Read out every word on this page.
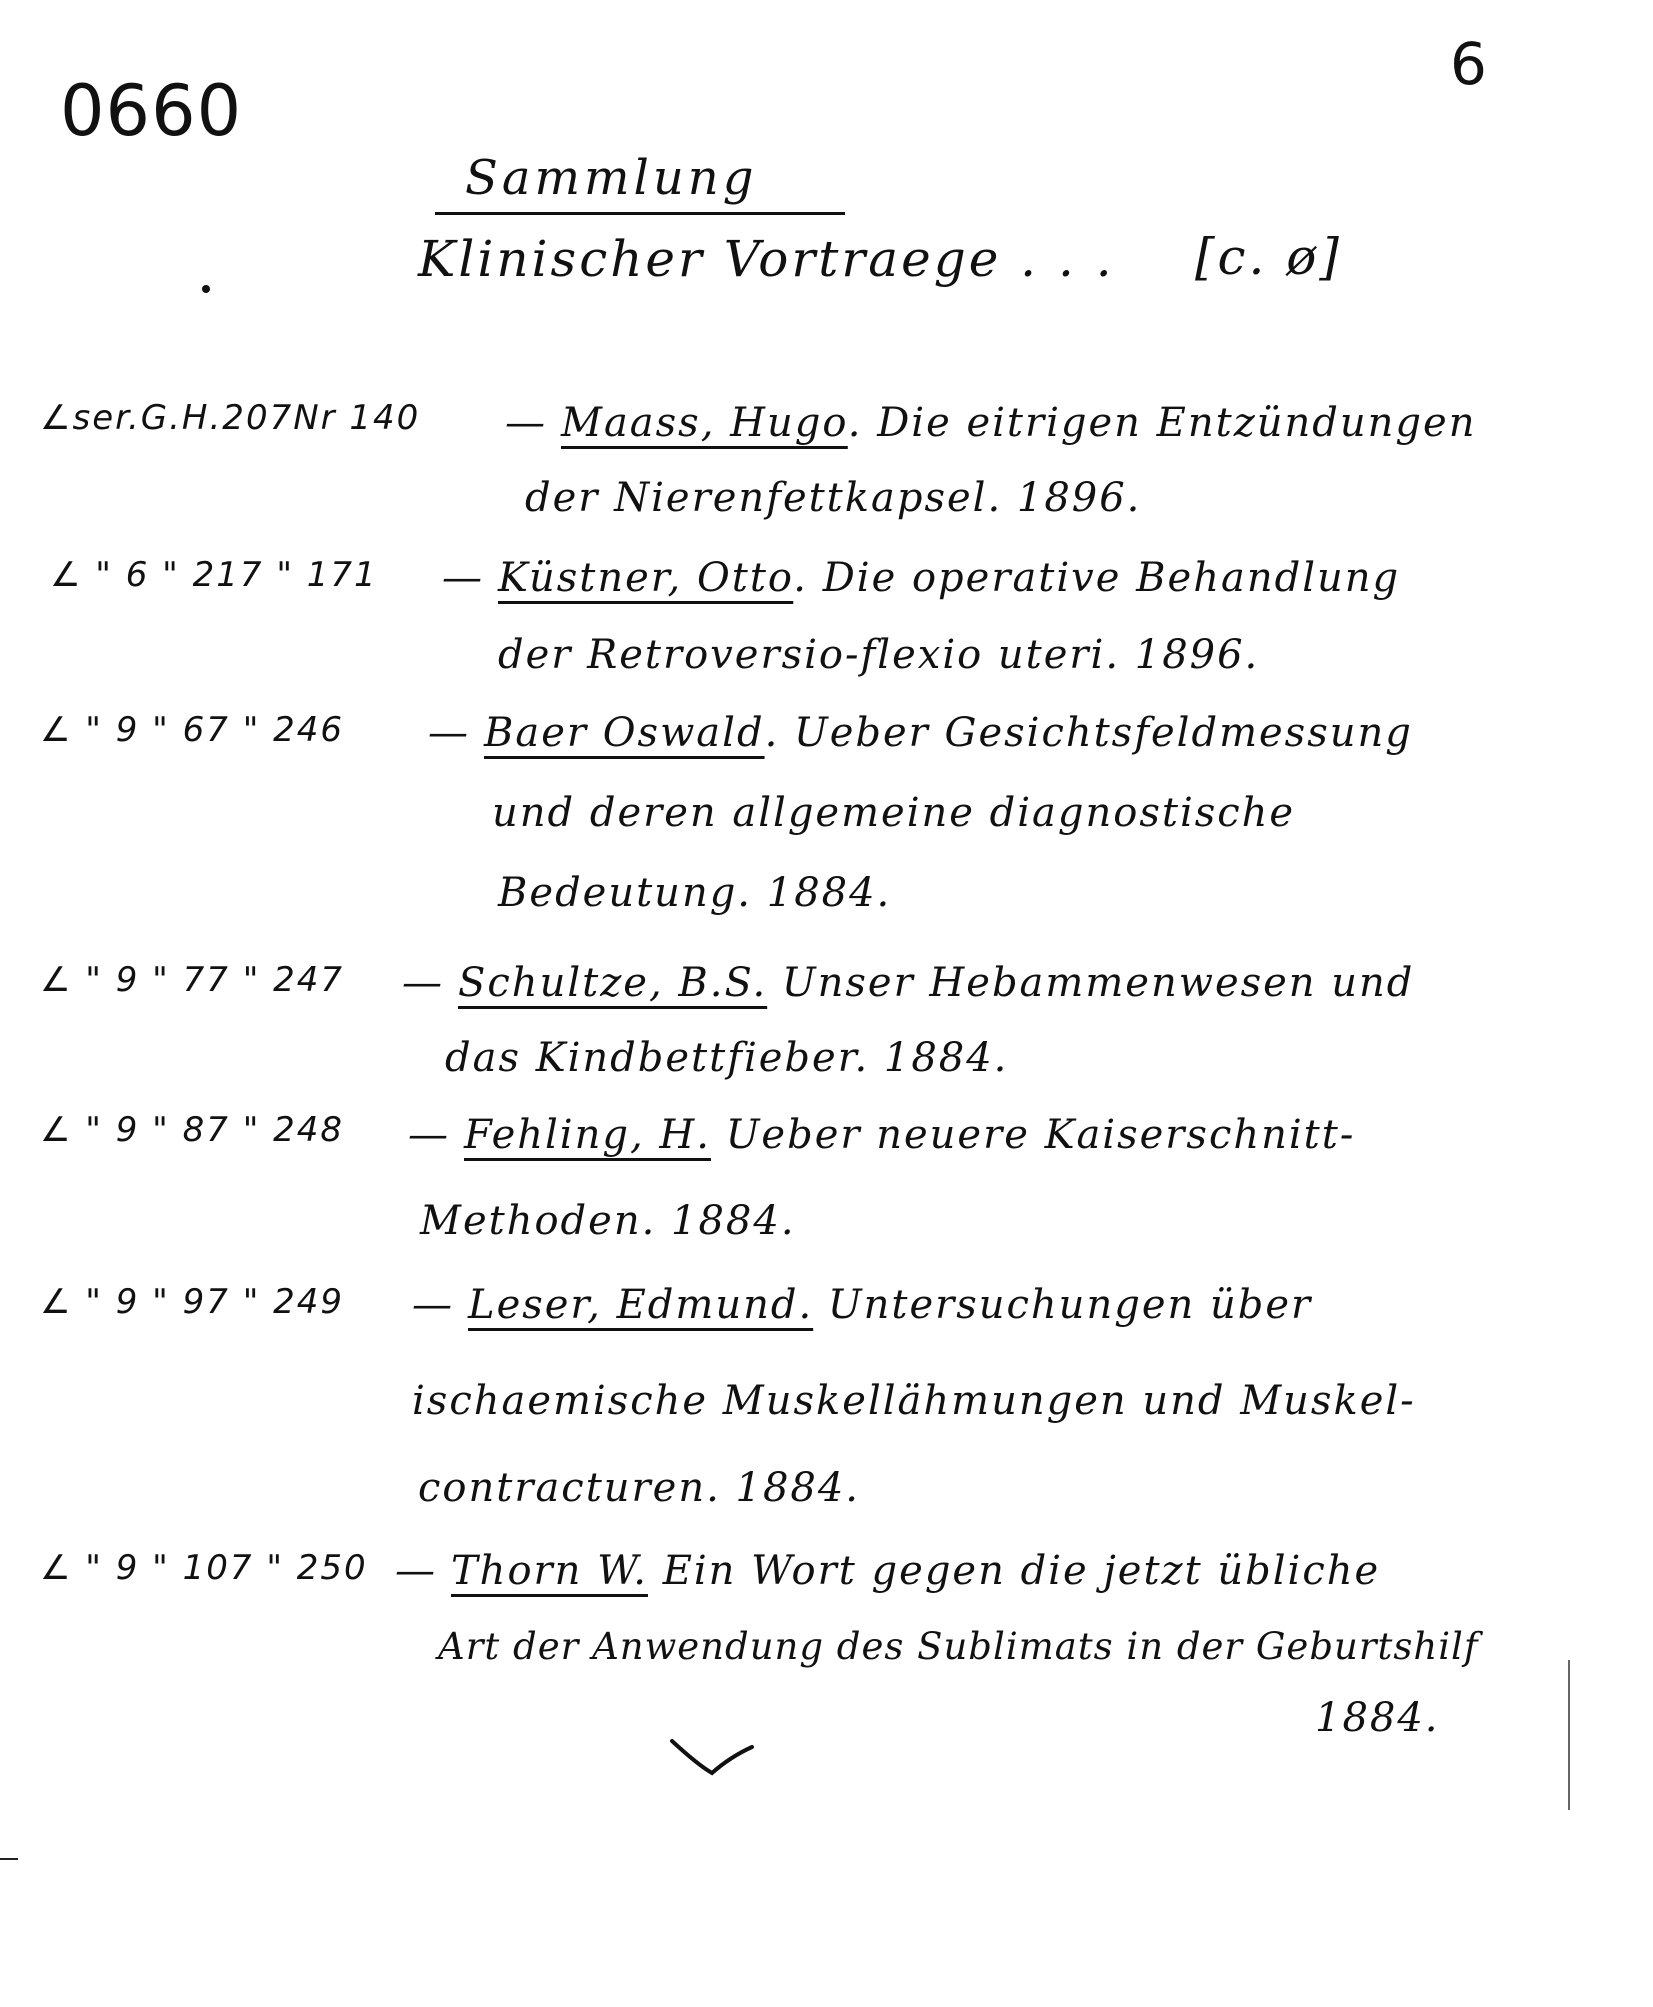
0660
6
Sammlung
Klinischer Vortraege . . . [c. ø]
∠ser.G.H.207Nr 140 — Maass, Hugo. Die eitrigen Entzündungen
der Nierenfettkapsel. 1896.
∠ " 6 " 217 " 171 — Küstner, Otto. Die operative Behandlung
der Retroversio-flexio uteri. 1896.
∠ " 9 " 67 " 246 — Baer Oswald. Ueber Gesichtsfeldmessung
und deren allgemeine diagnostische
Bedeutung. 1884.
∠ " 9 " 77 " 247 — Schultze, B.S. Unser Hebammenwesen und
das Kindbettfieber. 1884.
∠ " 9 " 87 " 248 — Fehling, H. Ueber neuere Kaiserschnitt-
Methoden. 1884.
∠ " 9 " 97 " 249 — Leser, Edmund. Untersuchungen über
ischaemische Muskellähmungen und Muskel-
contracturen. 1884.
∠ " 9 " 107 " 250 — Thorn W. Ein Wort gegen die jetzt übliche
Art der Anwendung des Sublimats in der Geburtshilf
1884.
